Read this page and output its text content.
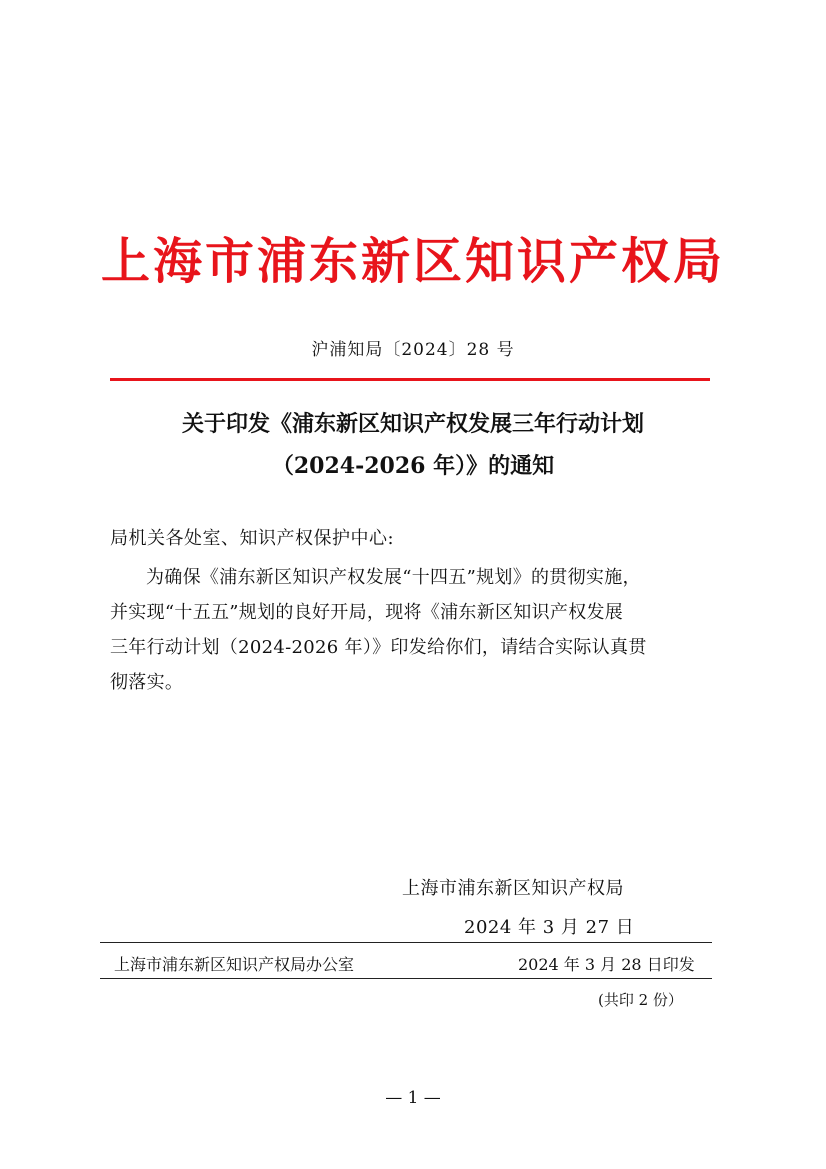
上海市浦东新区知识产权局
沪浦知局〔2024〕28 号
关于印发《浦东新区知识产权发展三年行动计划
（2024-2026 年）》的通知
局机关各处室、知识产权保护中心:
为确保《浦东新区知识产权发展“十四五”规划》的贯彻实施，
并实现“十五五”规划的良好开局，现将《浦东新区知识产权发展
三年行动计划（2024-2026 年）》印发给你们，请结合实际认真贯
彻落实。
上海市浦东新区知识产权局
2024 年 3 月 27 日
上海市浦东新区知识产权局办公室	2024 年 3 月 28 日印发
(共印 2 份）
— 1 —
